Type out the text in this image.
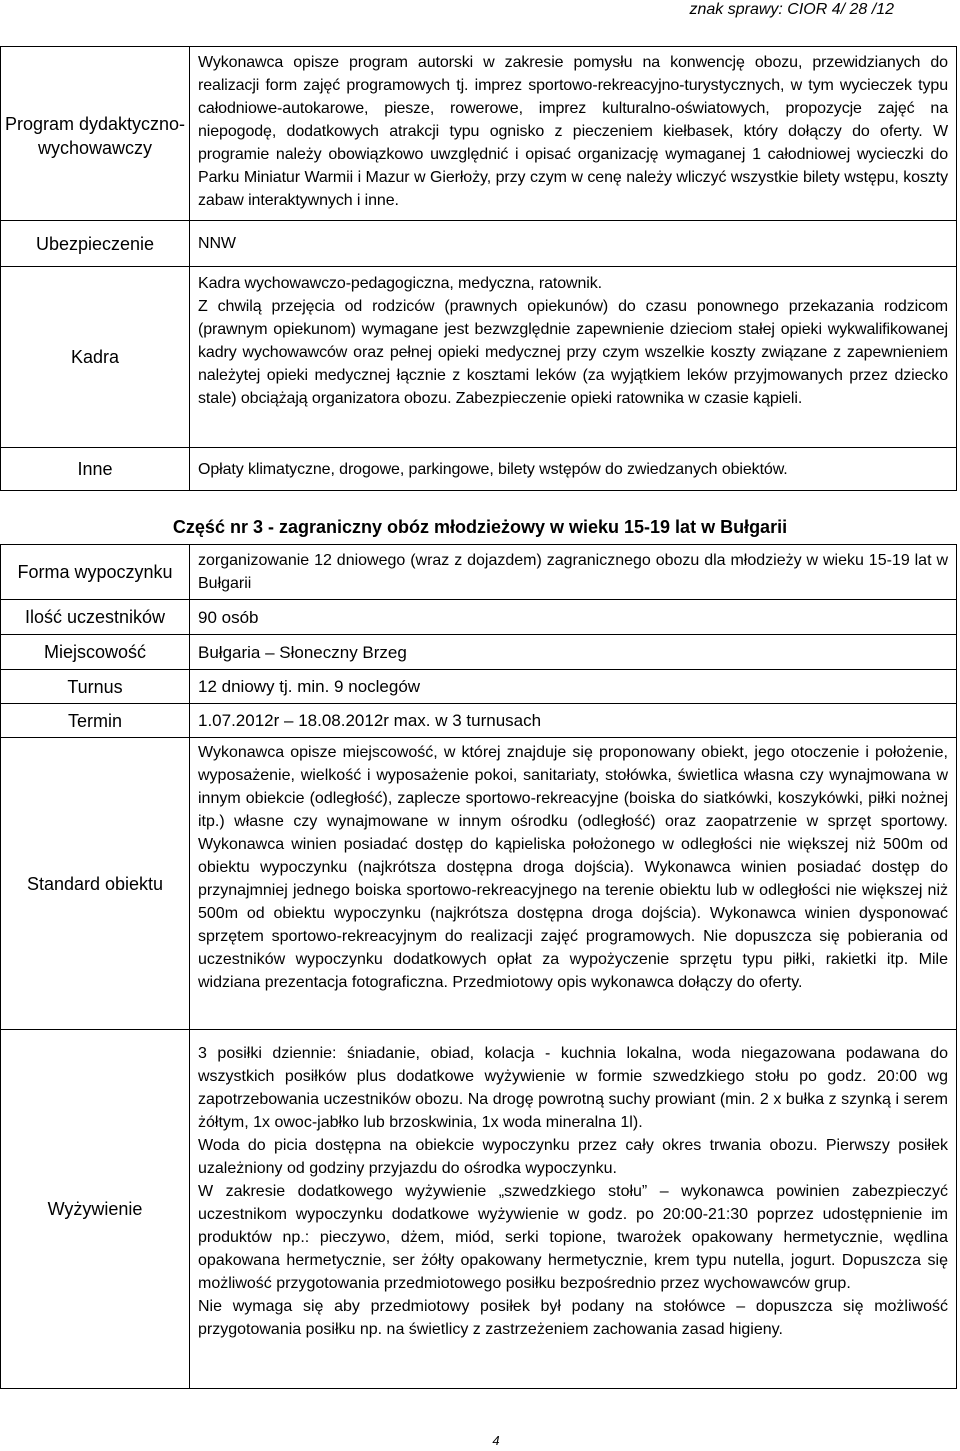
znak sprawy: CIOR 4/ 28 /12
Program dydaktyczno-wychowawczy	Wykonawca opisze program autorski w zakresie pomysłu na konwencję obozu, przewidzianych do realizacji form zajęć programowych tj. imprez sportowo-rekreacyjno-turystycznych, w tym wycieczek typu całodniowe-autokarowe, piesze, rowerowe, imprez kulturalno-oświatowych, propozycje zajęć na niepogodę, dodatkowych atrakcji typu ognisko z pieczeniem kiełbasek, który dołączy do oferty. W programie należy obowiązkowo uwzględnić i opisać organizację wymaganej 1 całodniowej wycieczki do Parku Miniatur Warmii i Mazur w Gierłoży, przy czym w cenę należy wliczyć wszystkie bilety wstępu, koszty zabaw interaktywnych i inne.

Ubezpieczenie	NNW

Kadra	Kadra wychowawczo-pedagogiczna, medyczna, ratownik.

Z chwilą przejęcia od rodziców (prawnych opiekunów) do czasu ponownego przekazania rodzicom (prawnym opiekunom) wymagane jest bezwzględnie zapewnienie dzieciom stałej opieki wykwalifikowanej kadry wychowawców oraz pełnej opieki medycznej przy czym wszelkie koszty związane z zapewnieniem należytej opieki medycznej łącznie z kosztami leków (za wyjątkiem leków przyjmowanych przez dziecko stale) obciążają organizatora obozu. Zabezpieczenie opieki ratownika w czasie kąpieli.

Inne	Opłaty klimatyczne, drogowe, parkingowe, bilety wstępów do zwiedzanych obiektów.

Część nr 3 - zagraniczny obóz młodzieżowy w wieku 15-19 lat w Bułgarii
Forma wypoczynku	zorganizowanie 12 dniowego (wraz z dojazdem) zagranicznego obozu dla młodzieży w wieku 15-19 lat w Bułgarii

Ilość uczestników	90 osób

Miejscowość	Bułgaria – Słoneczny Brzeg

Turnus	12 dniowy tj. min. 9 noclegów

Termin	1.07.2012r – 18.08.2012r max. w 3 turnusach

Standard obiektu	Wykonawca opisze miejscowość, w której znajduje się proponowany obiekt, jego otoczenie i położenie, wyposażenie, wielkość i wyposażenie pokoi, sanitariaty, stołówka, świetlica własna czy wynajmowana w innym obiekcie (odległość), zaplecze sportowo-rekreacyjne (boiska do siatkówki, koszykówki, piłki nożnej itp.) własne czy wynajmowane w innym ośrodku (odległość) oraz zaopatrzenie w sprzęt sportowy. Wykonawca winien posiadać dostęp do kąpieliska położonego w odległości nie większej niż 500m od obiektu wypoczynku (najkrótsza dostępna droga dojścia). Wykonawca winien posiadać dostęp do przynajmniej jednego boiska sportowo-rekreacyjnego na terenie obiektu lub w odległości nie większej niż 500m od obiektu wypoczynku (najkrótsza dostępna droga dojścia). Wykonawca winien dysponować sprzętem sportowo-rekreacyjnym do realizacji zajęć programowych. Nie dopuszcza się pobierania od uczestników wypoczynku dodatkowych opłat za wypożyczenie sprzętu typu piłki, rakietki itp. Mile widziana prezentacja fotograficzna. Przedmiotowy opis wykonawca dołączy do oferty.

Wyżywienie	3 posiłki dziennie: śniadanie, obiad, kolacja - kuchnia lokalna, woda niegazowana podawana do wszystkich posiłków plus dodatkowe wyżywienie w formie szwedzkiego stołu po godz. 20:00 wg zapotrzebowania uczestników obozu. Na drogę powrotną suchy prowiant (min. 2 x bułka z szynką i serem żółtym, 1x owoc-jabłko lub brzoskwinia, 1x woda mineralna 1l).

Woda do picia dostępna na obiekcie wypoczynku przez cały okres trwania obozu. Pierwszy posiłek uzależniony od godziny przyjazdu do ośrodka wypoczynku.

W zakresie dodatkowego wyżywienie „szwedzkiego stołu” – wykonawca powinien zabezpieczyć uczestnikom wypoczynku dodatkowe wyżywienie w godz. po 20:00-21:30 poprzez udostępnienie im produktów np.: pieczywo, dżem, miód, serki topione, twarożek opakowany hermetycznie, wędlina opakowana hermetycznie, ser żółty opakowany hermetycznie, krem typu nutella, jogurt. Dopuszcza się możliwość przygotowania przedmiotowego posiłku bezpośrednio przez wychowawców grup.

Nie wymaga się aby przedmiotowy posiłek był podany na stołówce – dopuszcza się możliwość przygotowania posiłku np. na świetlicy z zastrzeżeniem zachowania zasad higieny.

4
